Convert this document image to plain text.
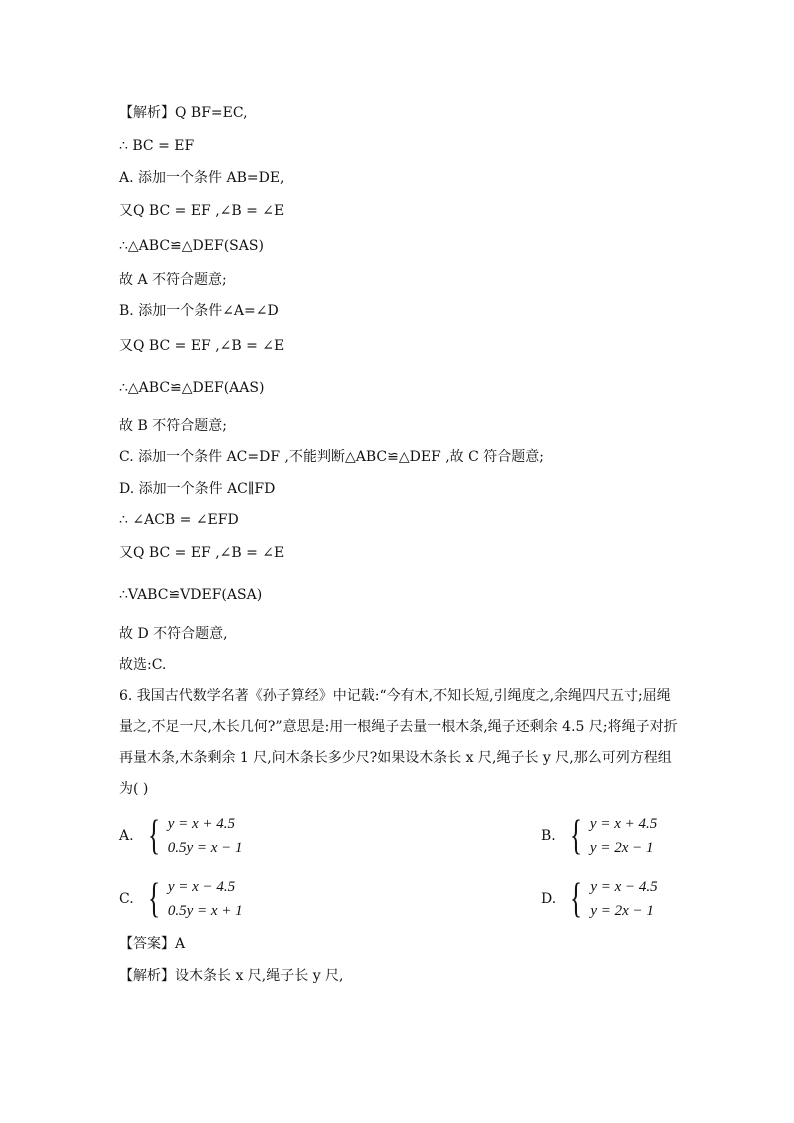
【解析】Q BF=EC,
∴ BC = EF
A. 添加一个条件 AB=DE,
又Q BC = EF ,∠B = ∠E
∴△ABC≌△DEF(SAS)
故 A 不符合题意;
B. 添加一个条件∠A=∠D
又Q BC = EF ,∠B = ∠E
∴△ABC≌△DEF(AAS)
故 B 不符合题意;
C. 添加一个条件 AC=DF ,不能判断△ABC≌△DEF ,故 C 符合题意;
D. 添加一个条件 AC∥FD
∴ ∠ACB = ∠EFD
又Q BC = EF ,∠B = ∠E
∴VABC≌VDEF(ASA)
故 D 不符合题意,
故选:C.
6. 我国古代数学名著《孙子算经》中记载:“今有木,不知长短,引绳度之,余绳四尺五寸;屈绳量之,不足一尺,木长几何?”意思是:用一根绳子去量一根木条,绳子还剩余 4.5 尺;将绳子对折再量木条,木条剩余 1 尺,问木条长多少尺?如果设木条长 x 尺,绳子长 y 尺,那么可列方程组为( )
A. { y = x + 4.5
0.5y = x − 1
B. { y = x + 4.5
y = 2x − 1
C. { y = x − 4.5
0.5y = x + 1
D. { y = x − 4.5
y = 2x − 1
【答案】A
【解析】设木条长 x 尺,绳子长 y 尺,
